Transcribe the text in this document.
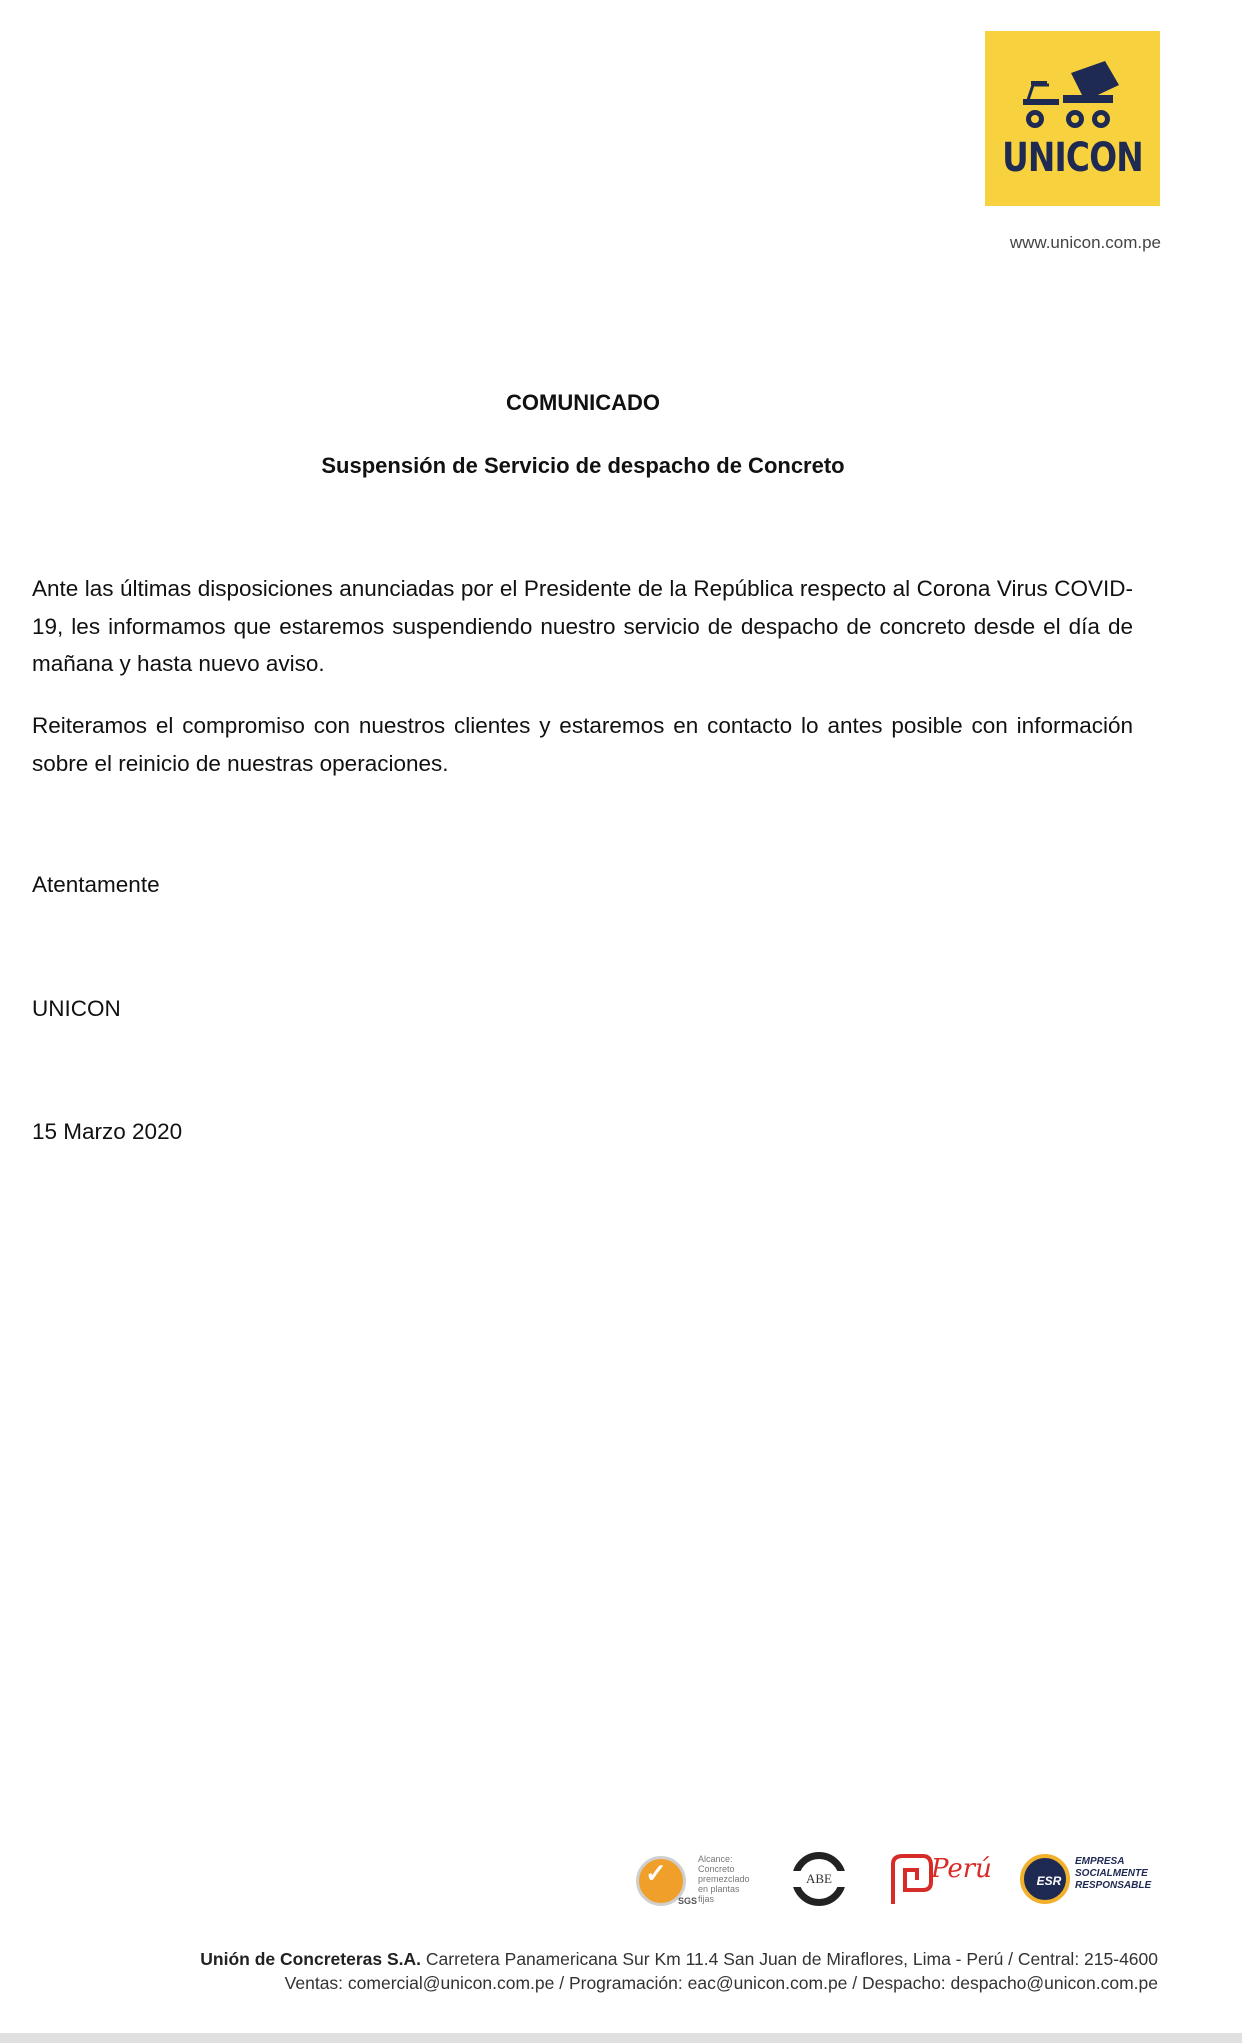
UNICON
www.unicon.com.pe
COMUNICADO
Suspensión de Servicio de despacho de Concreto
Ante las últimas disposiciones anunciadas por el Presidente de la República respecto al Corona Virus COVID-19, les informamos que estaremos suspendiendo nuestro servicio de despacho de concreto desde el día de mañana y hasta nuevo aviso.
Reiteramos el compromiso con nuestros clientes y estaremos en contacto lo antes posible con información sobre el reinicio de nuestras operaciones.
Atentamente
UNICON
15 Marzo 2020
✓
SGS
Alcance: Concreto premezclado en plantas fijas
ABE	Perú	ESR
EMPRESA SOCIALMENTE RESPONSABLE
Unión de Concreteras S.A. Carretera Panamericana Sur Km 11.4 San Juan de Miraflores, Lima - Perú / Central: 215-4600
Ventas: comercial@unicon.com.pe / Programación: eac@unicon.com.pe / Despacho: despacho@unicon.com.pe
